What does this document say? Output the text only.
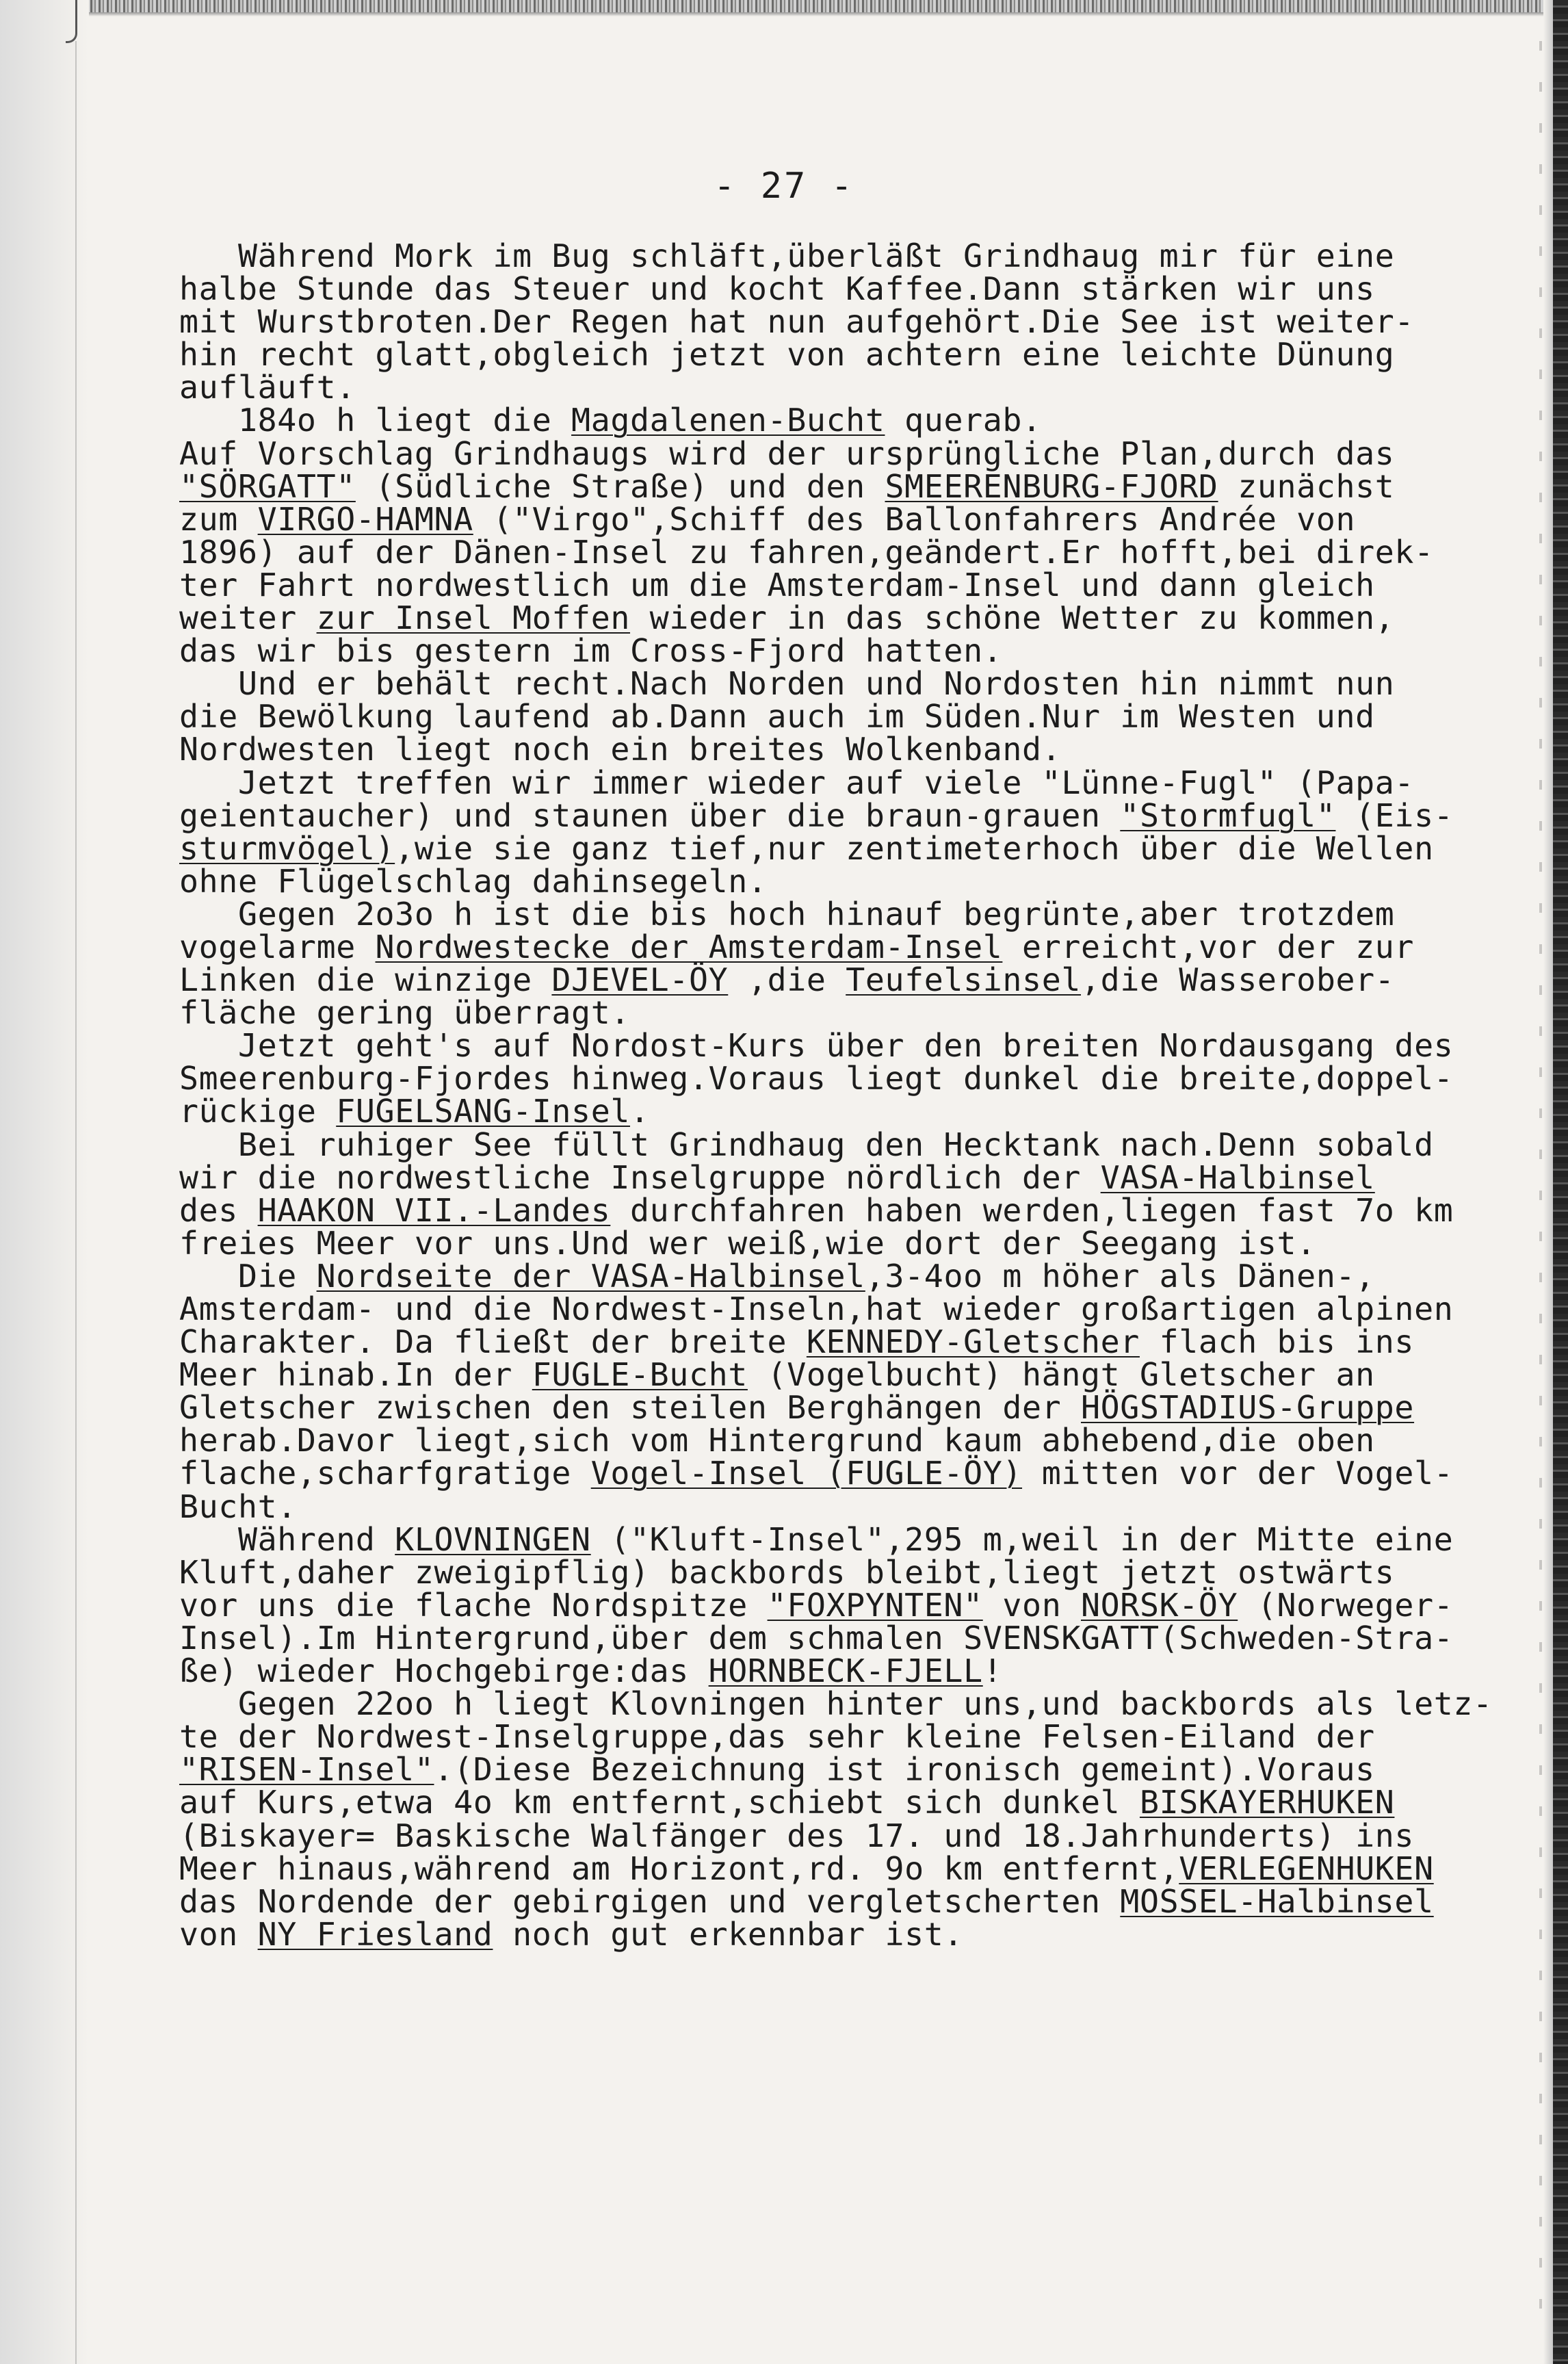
- 27 -
Während Mork im Bug schläft,überläßt Grindhaug mir für eine
halbe Stunde das Steuer und kocht Kaffee.Dann stärken wir uns
mit Wurstbroten.Der Regen hat nun aufgehört.Die See ist weiter-
hin recht glatt,obgleich jetzt von achtern eine leichte Dünung
aufläuft.
184o h liegt die Magdalenen-Bucht querab.
Auf Vorschlag Grindhaugs wird der ursprüngliche Plan,durch das
"SÖRGATT" (Südliche Straße) und den SMEERENBURG-FJORD zunächst
zum VIRGO-HAMNA ("Virgo",Schiff des Ballonfahrers Andrée von
1896) auf der Dänen-Insel zu fahren,geändert.Er hofft,bei direk-
ter Fahrt nordwestlich um die Amsterdam-Insel und dann gleich
weiter zur Insel Moffen wieder in das schöne Wetter zu kommen,
das wir bis gestern im Cross-Fjord hatten.
Und er behält recht.Nach Norden und Nordosten hin nimmt nun
die Bewölkung laufend ab.Dann auch im Süden.Nur im Westen und
Nordwesten liegt noch ein breites Wolkenband.
Jetzt treffen wir immer wieder auf viele "Lünne-Fugl" (Papa-
geientaucher) und staunen über die braun-grauen "Stormfugl" (Eis-
sturmvögel),wie sie ganz tief,nur zentimeterhoch über die Wellen
ohne Flügelschlag dahinsegeln.
Gegen 2o3o h ist die bis hoch hinauf begrünte,aber trotzdem
vogelarme Nordwestecke der Amsterdam-Insel erreicht,vor der zur
Linken die winzige DJEVEL-ÖY ,die Teufelsinsel,die Wasserober-
fläche gering überragt.
Jetzt geht's auf Nordost-Kurs über den breiten Nordausgang des
Smeerenburg-Fjordes hinweg.Voraus liegt dunkel die breite,doppel-
rückige FUGELSANG-Insel.
Bei ruhiger See füllt Grindhaug den Hecktank nach.Denn sobald
wir die nordwestliche Inselgruppe nördlich der VASA-Halbinsel
des HAAKON VII.-Landes durchfahren haben werden,liegen fast 7o km
freies Meer vor uns.Und wer weiß,wie dort der Seegang ist.
Die Nordseite der VASA-Halbinsel,3-4oo m höher als Dänen-,
Amsterdam- und die Nordwest-Inseln,hat wieder großartigen alpinen
Charakter. Da fließt der breite KENNEDY-Gletscher flach bis ins
Meer hinab.In der FUGLE-Bucht (Vogelbucht) hängt Gletscher an
Gletscher zwischen den steilen Berghängen der HÖGSTADIUS-Gruppe
herab.Davor liegt,sich vom Hintergrund kaum abhebend,die oben
flache,scharfgratige Vogel-Insel (FUGLE-ÖY) mitten vor der Vogel-
Bucht.
Während KLOVNINGEN ("Kluft-Insel",295 m,weil in der Mitte eine
Kluft,daher zweigipflig) backbords bleibt,liegt jetzt ostwärts
vor uns die flache Nordspitze "FOXPYNTEN" von NORSK-ÖY (Norweger-
Insel).Im Hintergrund,über dem schmalen SVENSKGATT(Schweden-Stra-
ße) wieder Hochgebirge:das HORNBECK-FJELL!
Gegen 22oo h liegt Klovningen hinter uns,und backbords als letz-
te der Nordwest-Inselgruppe,das sehr kleine Felsen-Eiland der
"RISEN-Insel".(Diese Bezeichnung ist ironisch gemeint).Voraus
auf Kurs,etwa 4o km entfernt,schiebt sich dunkel BISKAYERHUKEN
(Biskayer= Baskische Walfänger des 17. und 18.Jahrhunderts) ins
Meer hinaus,während am Horizont,rd. 9o km entfernt,VERLEGENHUKEN
das Nordende der gebirgigen und vergletscherten MOSSEL-Halbinsel
von NY Friesland noch gut erkennbar ist.
